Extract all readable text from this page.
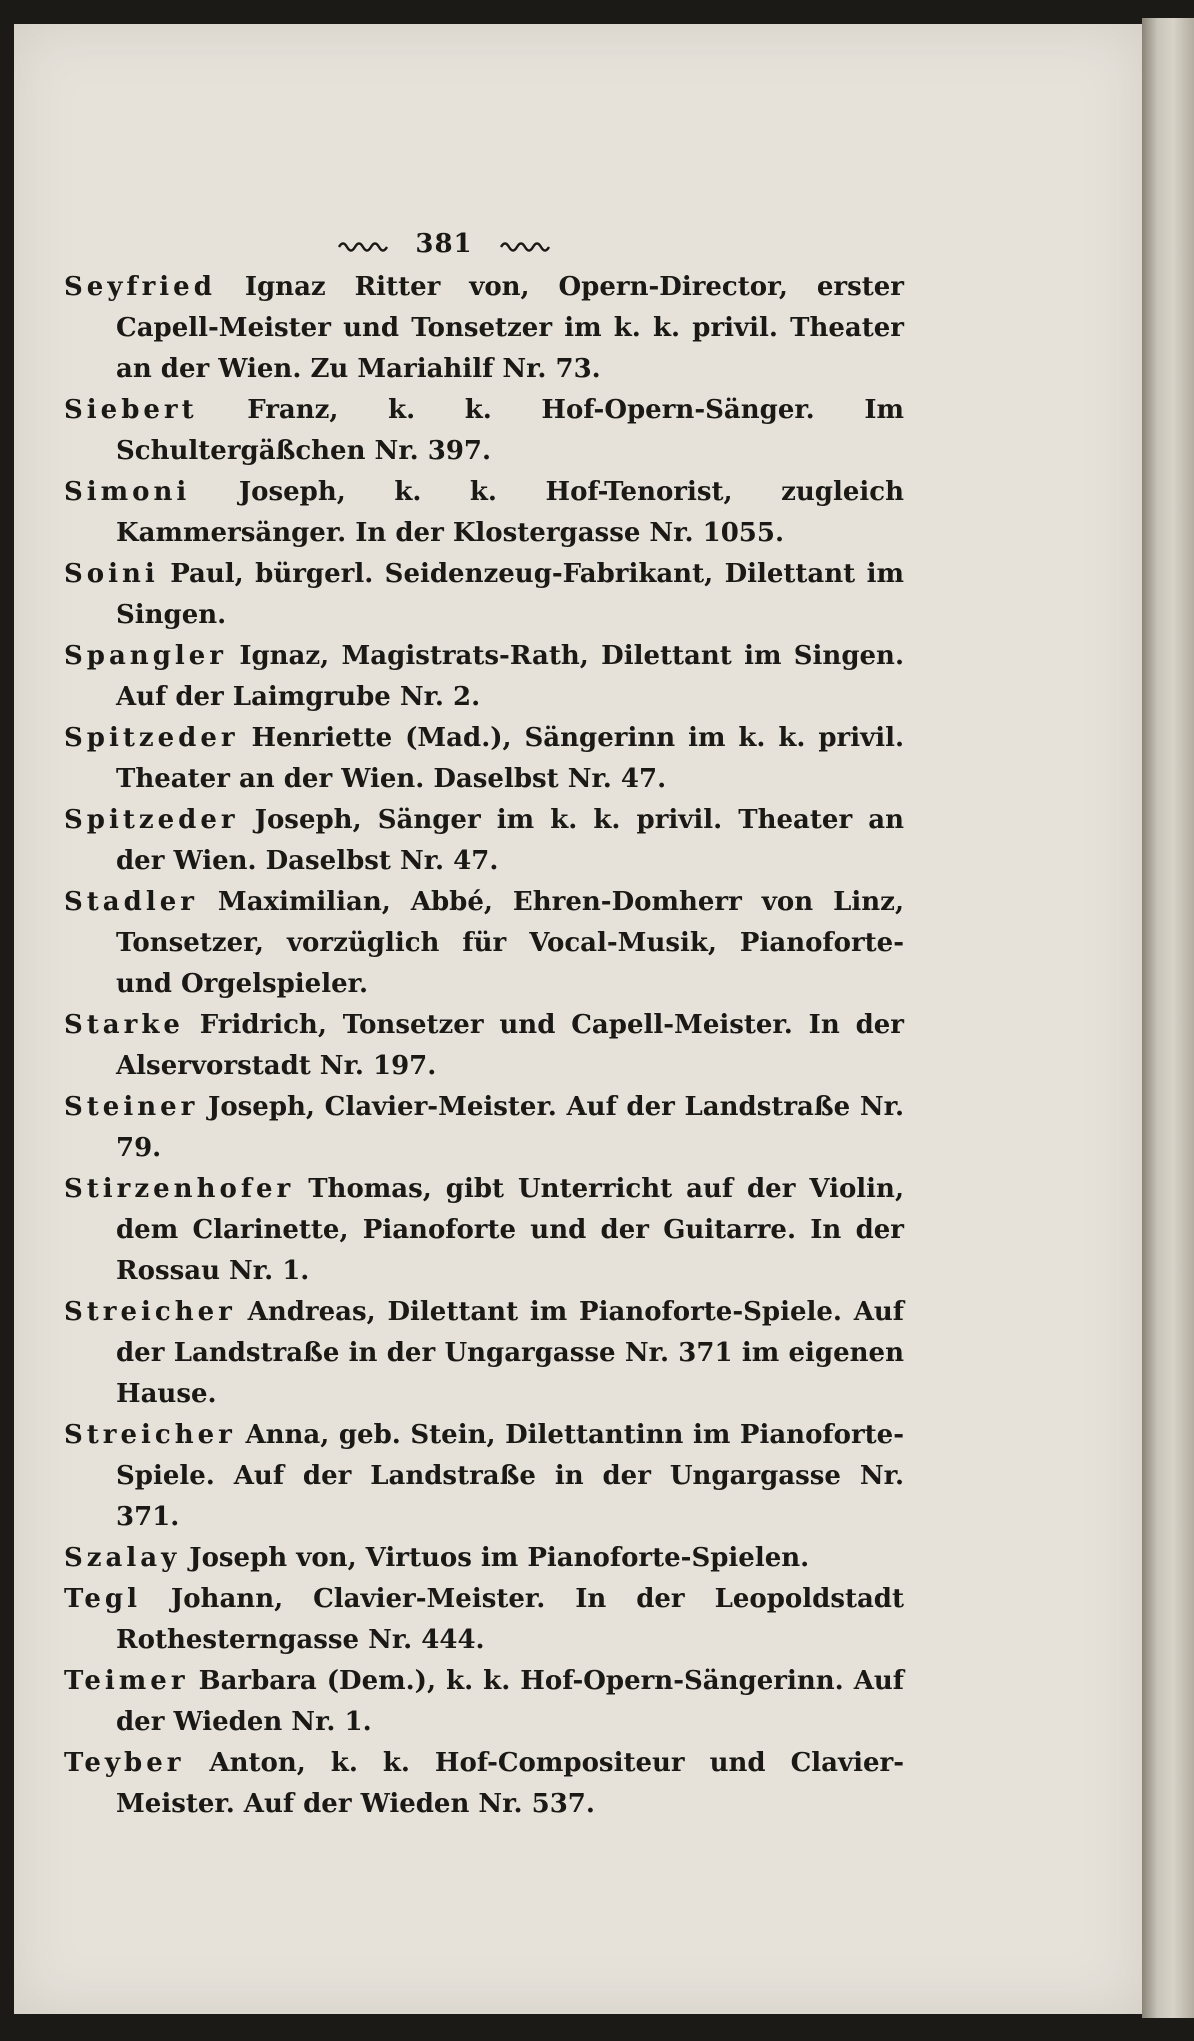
381

Seyfried Ignaz Ritter von, Opern-Director, erster Capell-Meister und Tonsetzer im k. k. privil. Theater an der Wien. Zu Mariahilf Nr. 73.

Siebert Franz, k. k. Hof-Opern-Sänger. Im Schultergäßchen Nr. 397.

Simoni Joseph, k. k. Hof-Tenorist, zugleich Kammersänger. In der Klostergasse Nr. 1055.

Soini Paul, bürgerl. Seidenzeug-Fabrikant, Dilettant im Singen.

Spangler Ignaz, Magistrats-Rath, Dilettant im Singen. Auf der Laimgrube Nr. 2.

Spitzeder Henriette (Mad.), Sängerinn im k. k. privil. Theater an der Wien. Daselbst Nr. 47.

Spitzeder Joseph, Sänger im k. k. privil. Theater an der Wien. Daselbst Nr. 47.

Stadler Maximilian, Abbé, Ehren-Domherr von Linz, Tonsetzer, vorzüglich für Vocal-Musik, Pianoforte- und Orgelspieler.

Starke Fridrich, Tonsetzer und Capell-Meister. In der Alservorstadt Nr. 197.

Steiner Joseph, Clavier-Meister. Auf der Landstraße Nr. 79.

Stirzenhofer Thomas, gibt Unterricht auf der Violin, dem Clarinette, Pianoforte und der Guitarre. In der Rossau Nr. 1.

Streicher Andreas, Dilettant im Pianoforte-Spiele. Auf der Landstraße in der Ungargasse Nr. 371 im eigenen Hause.

Streicher Anna, geb. Stein, Dilettantinn im Pianoforte-Spiele. Auf der Landstraße in der Ungargasse Nr. 371.

Szalay Joseph von, Virtuos im Pianoforte-Spielen.

Tegl Johann, Clavier-Meister. In der Leopoldstadt Rothesterngasse Nr. 444.

Teimer Barbara (Dem.), k. k. Hof-Opern-Sängerinn. Auf der Wieden Nr. 1.

Teyber Anton, k. k. Hof-Compositeur und Clavier-Meister. Auf der Wieden Nr. 537.
